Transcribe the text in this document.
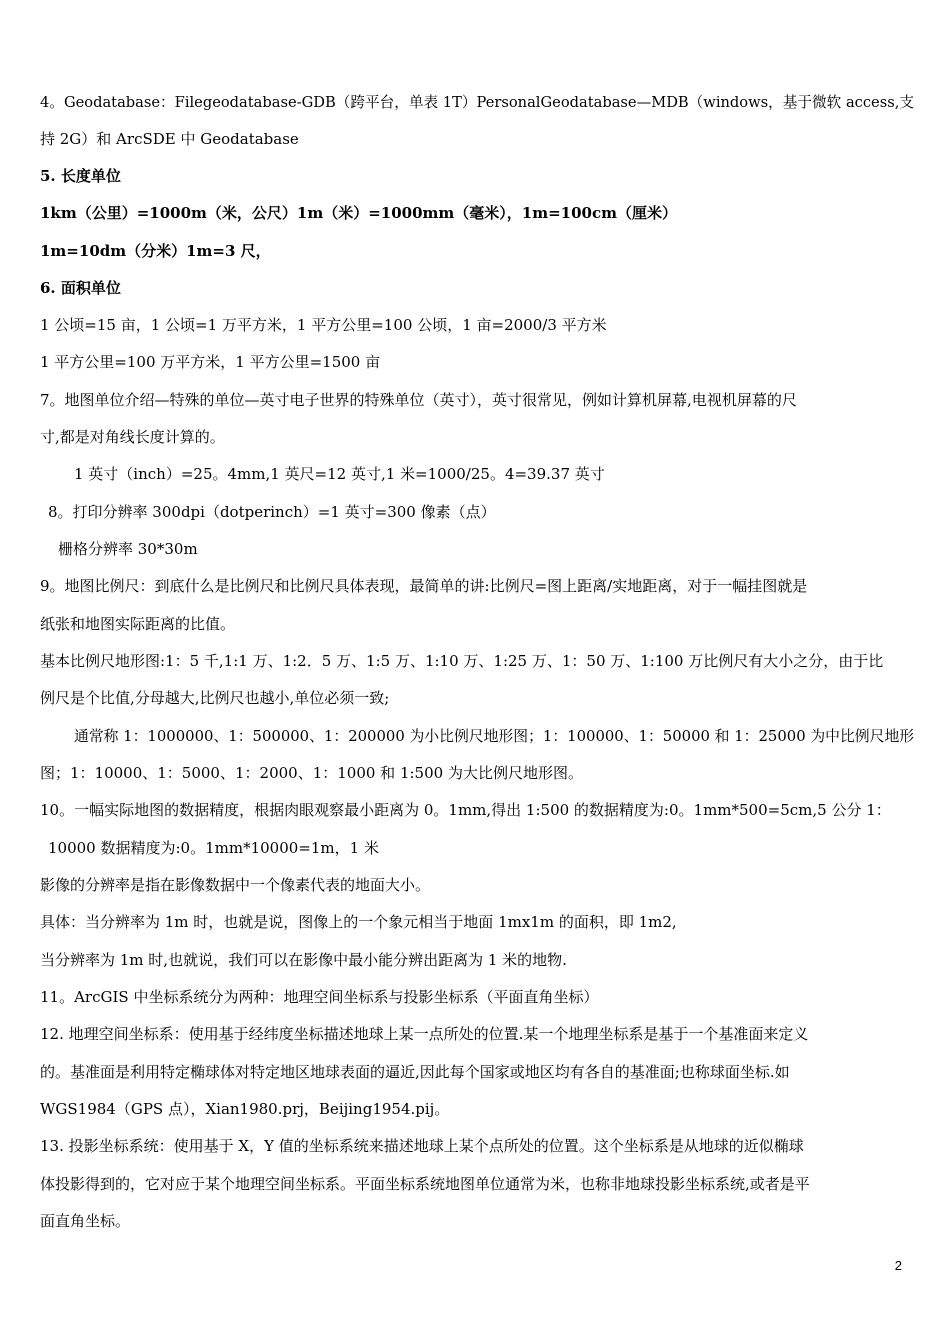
4。Geodatabase：Filegeodatabase-GDB（跨平台，单表 1T）PersonalGeodatabase—MDB（windows，基于微软 access,支
持 2G）和 ArcSDE 中 Geodatabase
5. 长度单位
1km（公里）=1000m（米，公尺）1m（米）=1000mm（毫米），1m=100cm（厘米）
1m=10dm（分米）1m=3 尺，
6. 面积单位
1 公顷=15 亩，1 公顷=1 万平方米，1 平方公里=100 公顷，1 亩=2000/3 平方米
1 平方公里=100 万平方米，1 平方公里=1500 亩
7。地图单位介绍—特殊的单位—英寸电子世界的特殊单位（英寸），英寸很常见，例如计算机屏幕,电视机屏幕的尺
寸,都是对角线长度计算的。
1 英寸（inch）=25。4mm,1 英尺=12 英寸,1 米=1000/25。4=39.37 英寸
8。打印分辨率 300dpi（dotperinch）=1 英寸=300 像素（点）
栅格分辨率 30*30m
9。地图比例尺：到底什么是比例尺和比例尺具体表现，最简单的讲:比例尺=图上距离/实地距离，对于一幅挂图就是
纸张和地图实际距离的比值。
基本比例尺地形图:1：5 千,1:1 万、1:2．5 万、1:5 万、1:10 万、1:25 万、1：50 万、1:100 万比例尺有大小之分，由于比
例尺是个比值,分母越大,比例尺也越小,单位必须一致;
通常称 1：1000000、1：500000、1：200000 为小比例尺地形图；1：100000、1：50000 和 1：25000 为中比例尺地形
图；1：10000、1：5000、1：2000、1：1000 和 1:500 为大比例尺地形图。
10。一幅实际地图的数据精度，根据肉眼观察最小距离为 0。1mm,得出 1:500 的数据精度为:0。1mm*500=5cm,5 公分 1：
10000 数据精度为:0。1mm*10000=1m，1 米
影像的分辨率是指在影像数据中一个像素代表的地面大小。
具体：当分辨率为 1m 时，也就是说，图像上的一个象元相当于地面 1mx1m 的面积，即 1m2,
当分辨率为 1m 时,也就说，我们可以在影像中最小能分辨出距离为 1 米的地物.
11。ArcGIS 中坐标系统分为两种：地理空间坐标系与投影坐标系（平面直角坐标）
12. 地理空间坐标系：使用基于经纬度坐标描述地球上某一点所处的位置.某一个地理坐标系是基于一个基准面来定义
的。基准面是利用特定椭球体对特定地区地球表面的逼近,因此每个国家或地区均有各自的基准面;也称球面坐标.如
WGS1984（GPS 点），Xian1980.prj，Beijing1954.pij。
13. 投影坐标系统：使用基于 X，Y 值的坐标系统来描述地球上某个点所处的位置。这个坐标系是从地球的近似椭球
体投影得到的，它对应于某个地理空间坐标系。平面坐标系统地图单位通常为米，也称非地球投影坐标系统,或者是平
面直角坐标。
2
